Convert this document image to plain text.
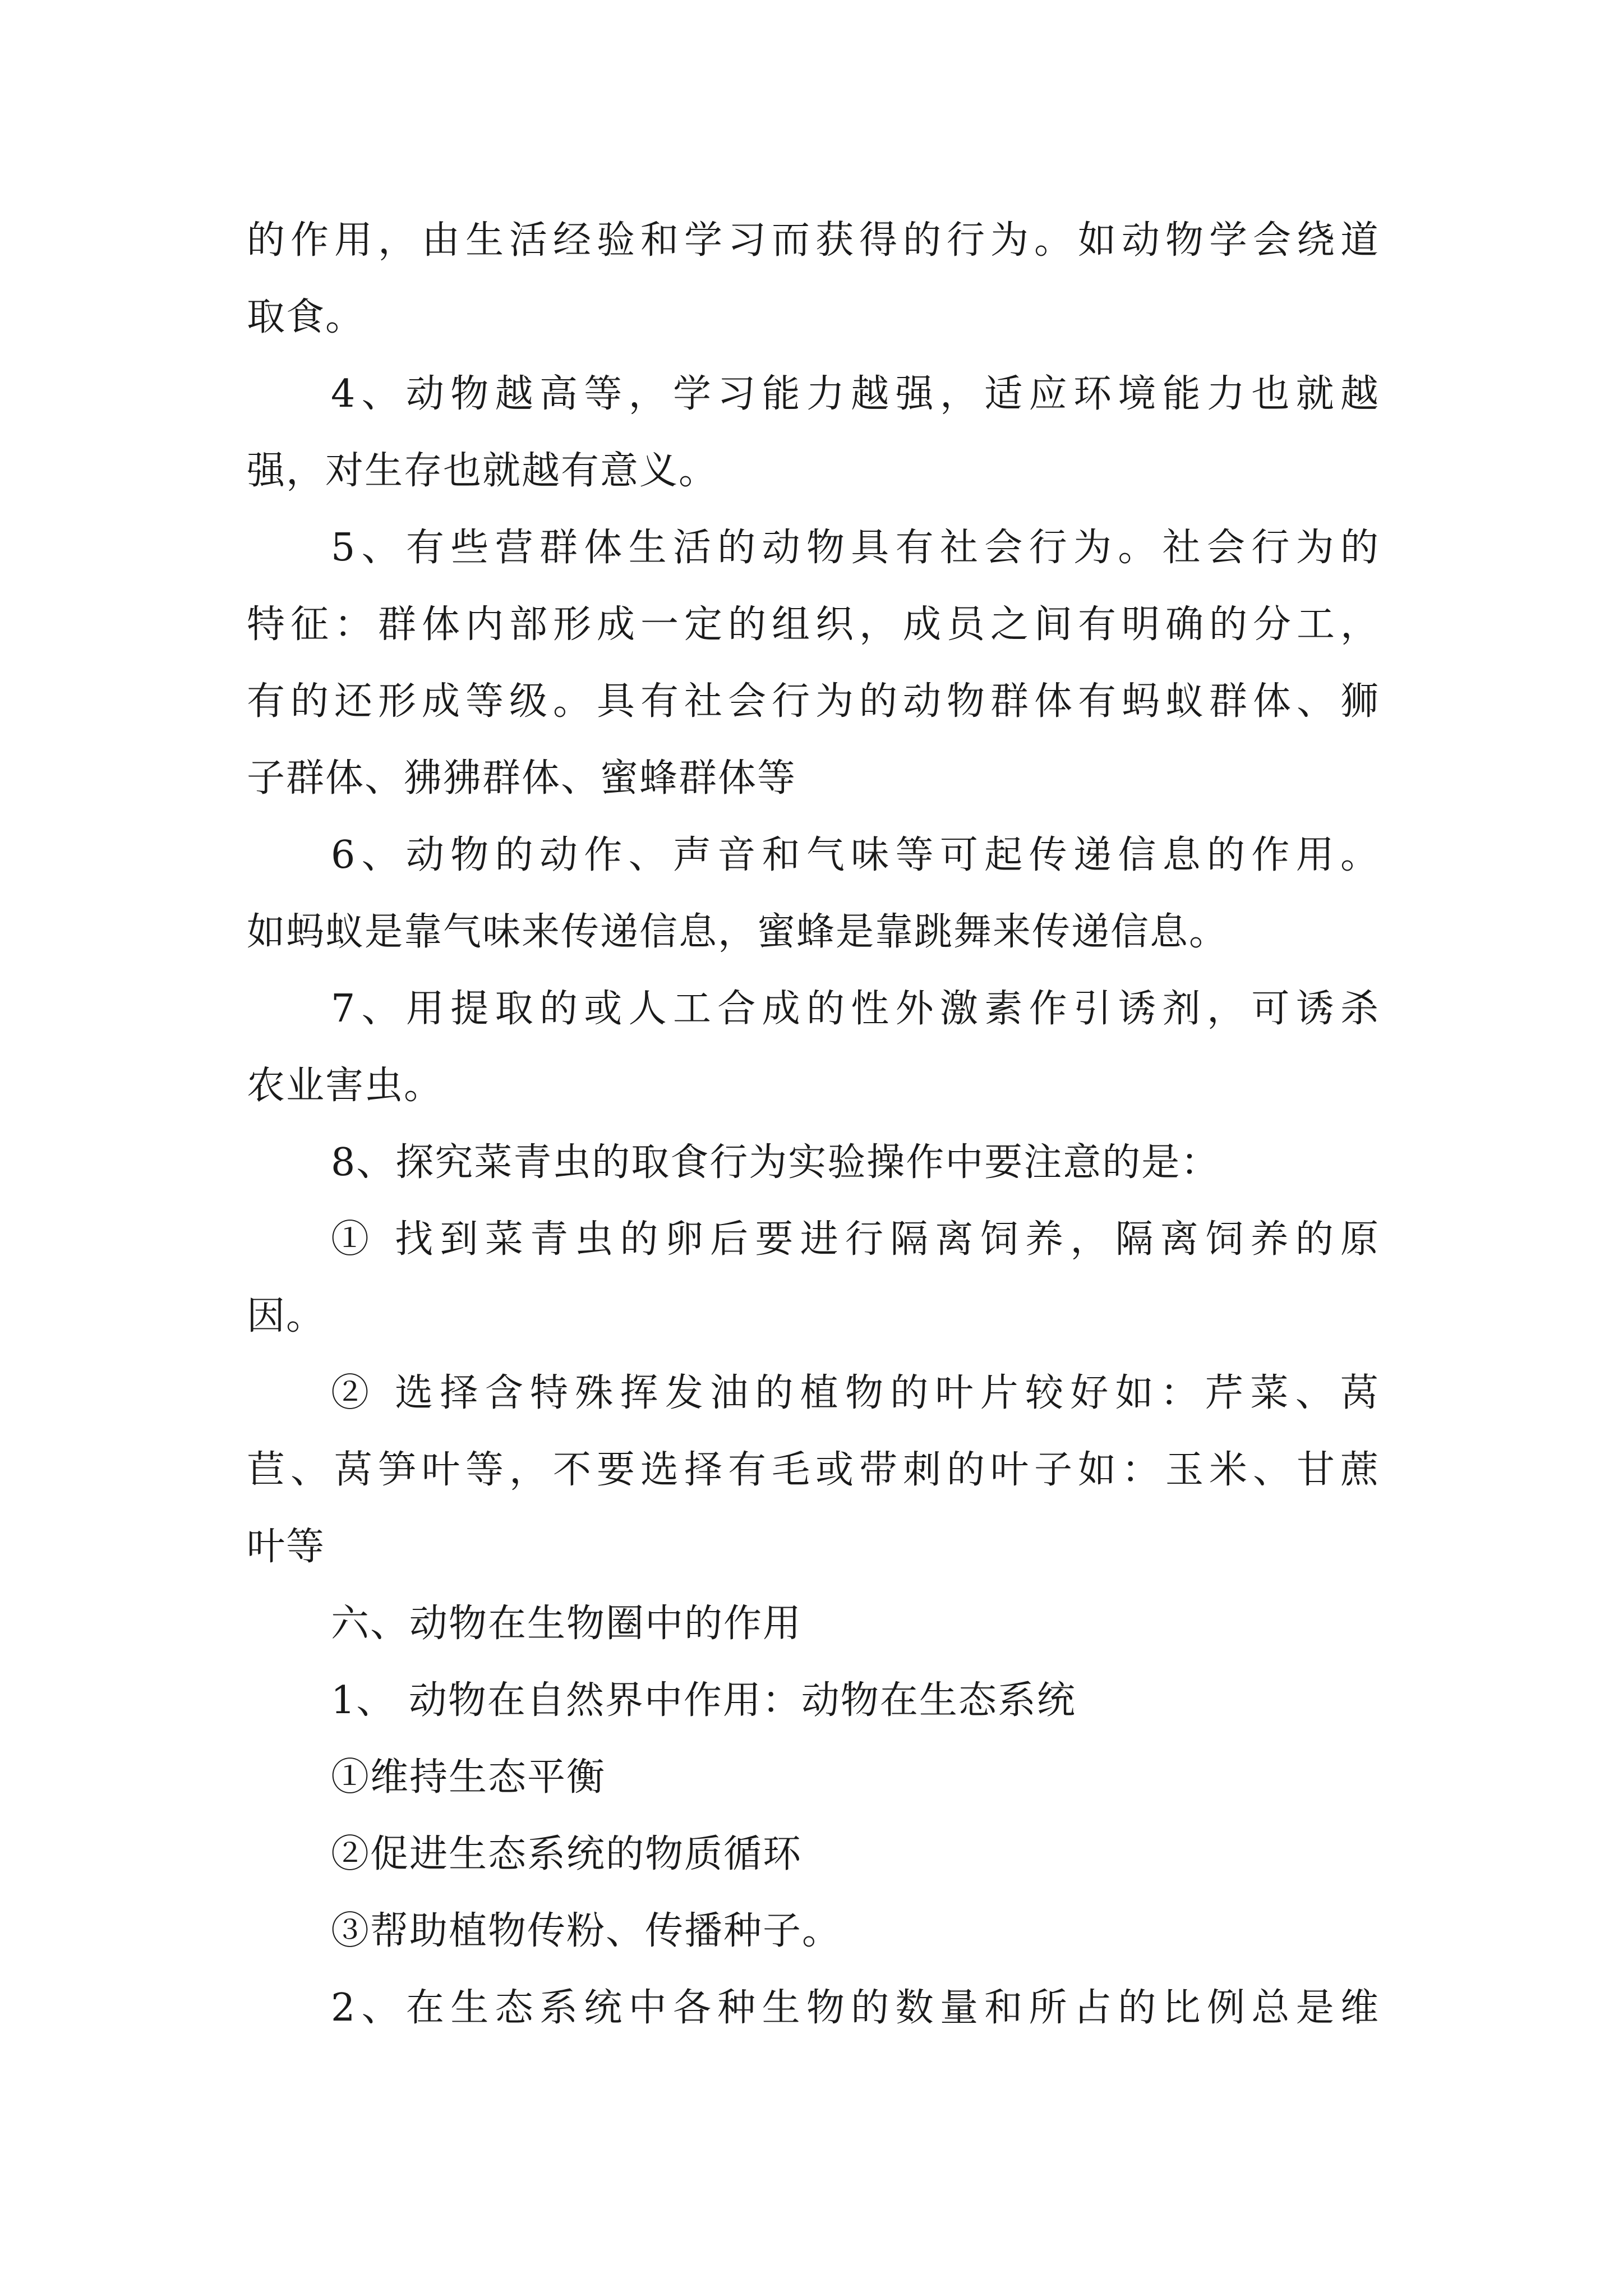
的作用，由生活经验和学习而获得的行为。如动物学会绕道
取食。
4、动物越高等，学习能力越强，适应环境能力也就越
强，对生存也就越有意义。
5、有些营群体生活的动物具有社会行为。社会行为的
特征：群体内部形成一定的组织，成员之间有明确的分工，
有的还形成等级。具有社会行为的动物群体有蚂蚁群体、狮
子群体、狒狒群体、蜜蜂群体等
6、动物的动作、声音和气味等可起传递信息的作用。
如蚂蚁是靠气味来传递信息，蜜蜂是靠跳舞来传递信息。
7、用提取的或人工合成的性外激素作引诱剂，可诱杀
农业害虫。
8、探究菜青虫的取食行为实验操作中要注意的是：
① 找到菜青虫的卵后要进行隔离饲养，隔离饲养的原
因。
② 选择含特殊挥发油的植物的叶片较好如：芹菜、莴
苣、莴笋叶等，不要选择有毛或带刺的叶子如：玉米、甘蔗
叶等
六、动物在生物圈中的作用
1、 动物在自然界中作用：动物在生态系统
①维持生态平衡
②促进生态系统的物质循环
③帮助植物传粉、传播种子。
2、在生态系统中各种生物的数量和所占的比例总是维
